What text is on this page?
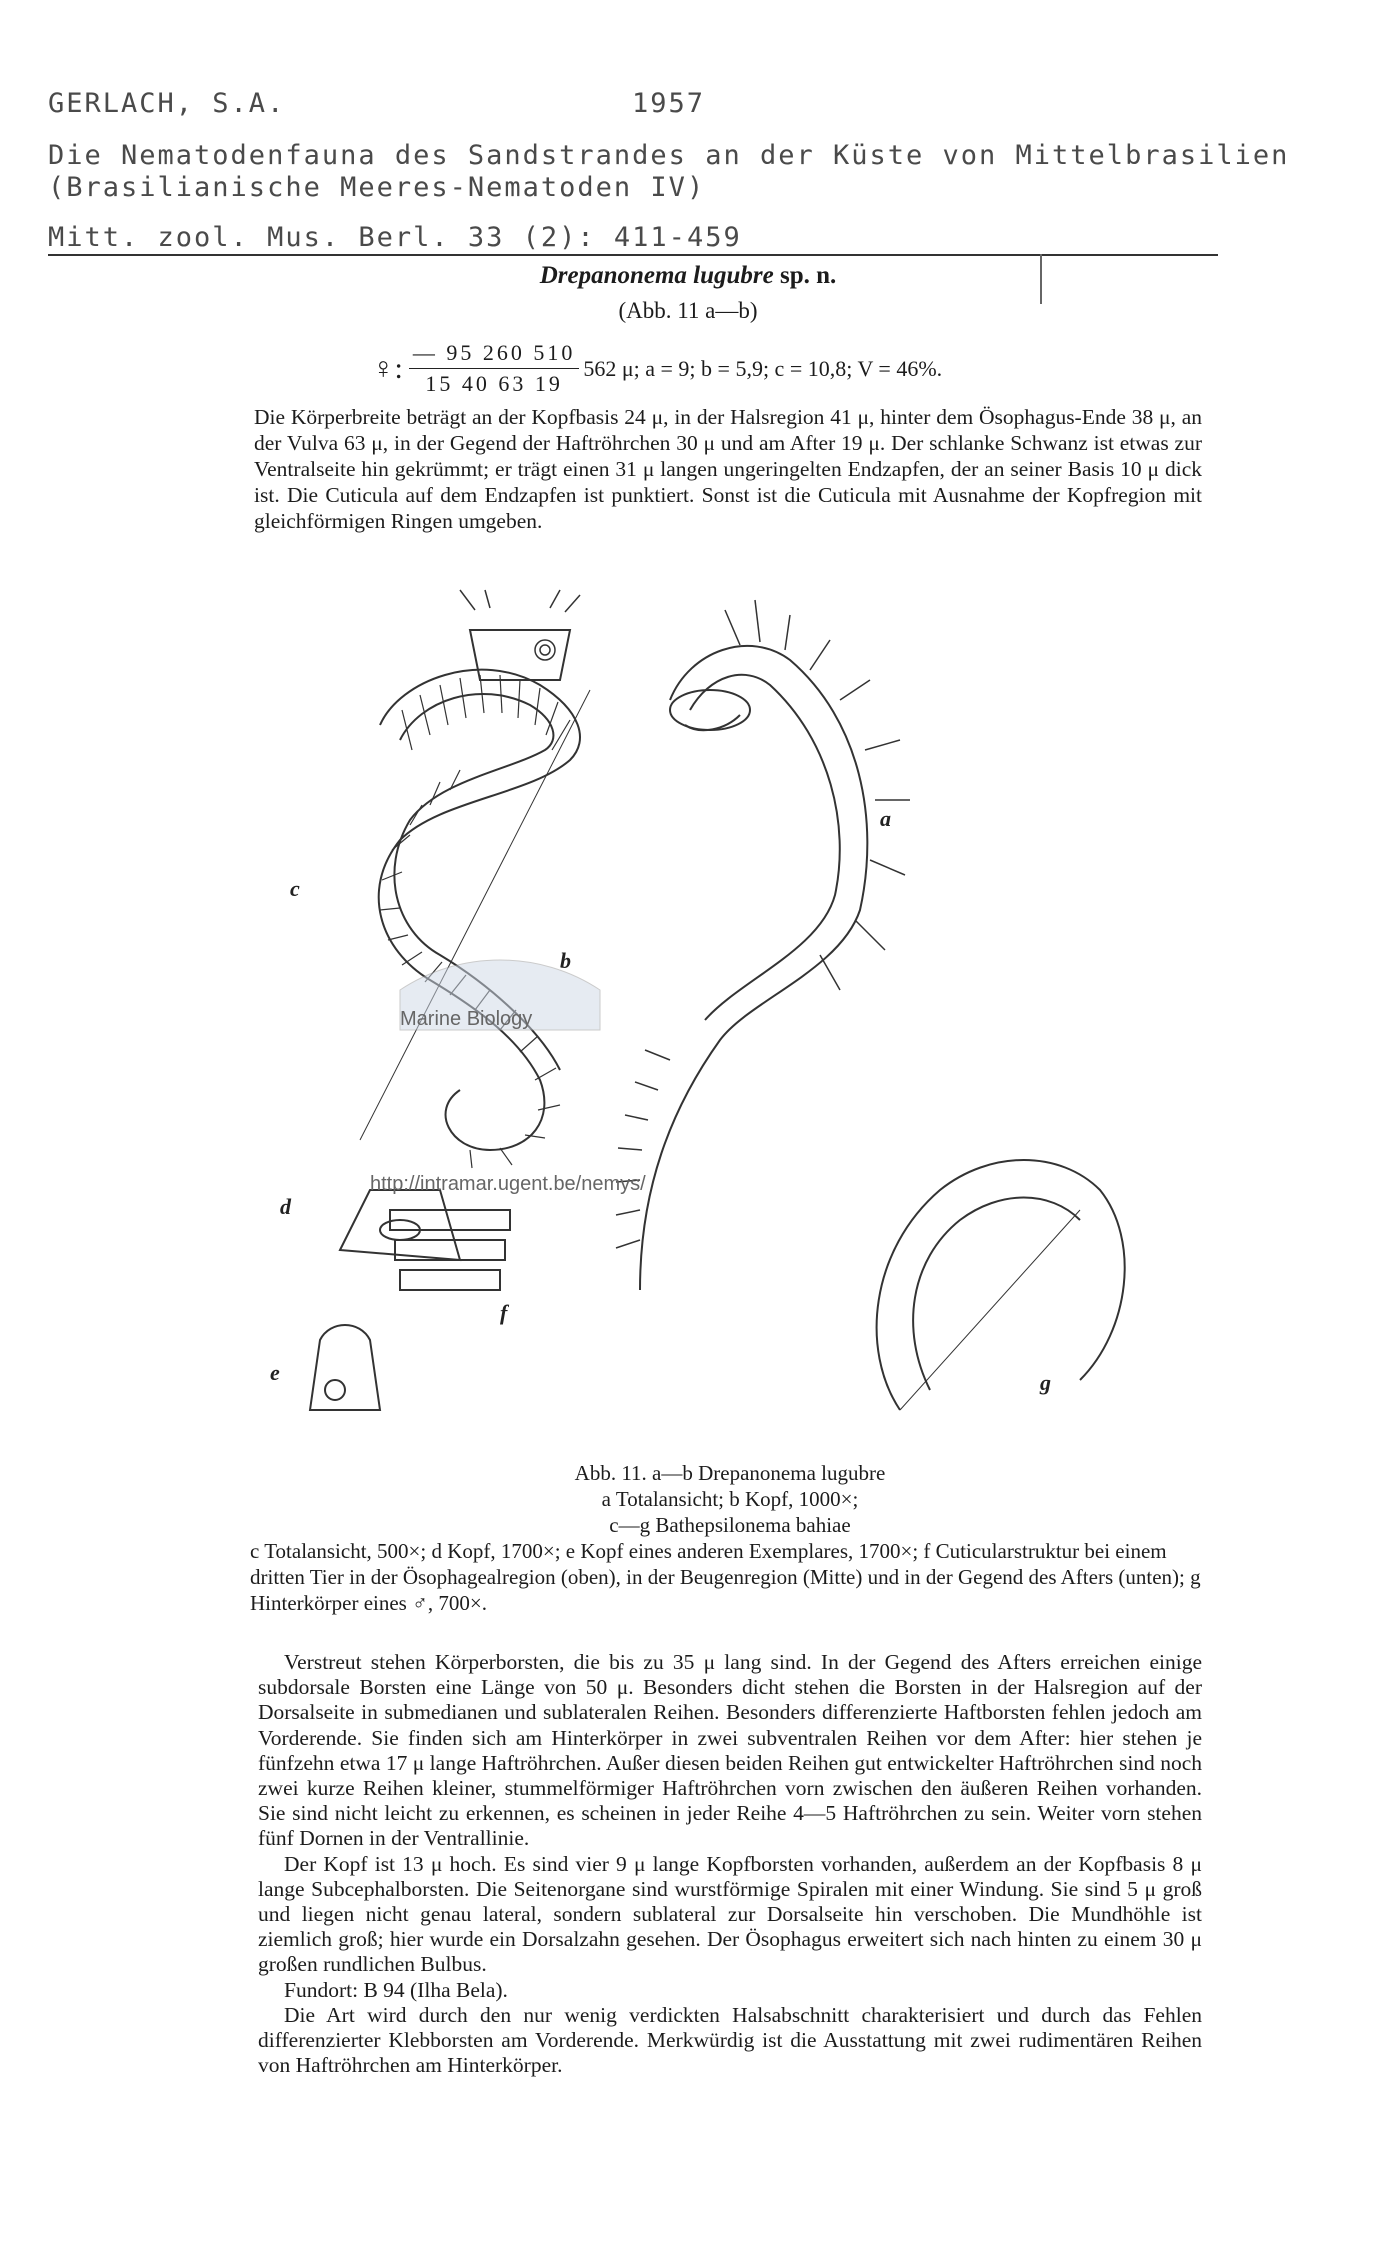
GERLACH, S.A.	1957
Die Nematodenfauna des Sandstrandes an der Küste von Mittelbrasilien
(Brasilianische Meeres-Nematoden IV)
Mitt. zool. Mus. Berl. 33 (2): 411-459
Drepanonema lugubre sp. n.
(Abb. 11 a—b)
♀: $\frac{— 95 260 510}{15 40 63 19} 562$ μ; a = 9; b = 5,9; c = 10,8; V = 46%.
Die Körperbreite beträgt an der Kopfbasis 24 μ, in der Halsregion 41 μ, hinter dem Ösophagus-Ende 38 μ, an der Vulva 63 μ, in der Gegend der Haftröhrchen 30 μ und am After 19 μ. Der schlanke Schwanz ist etwas zur Ventralseite hin gekrümmt; er trägt einen 31 μ langen ungeringelten Endzapfen, der an seiner Basis 10 μ dick ist. Die Cuticula auf dem Endzapfen ist punktiert. Sonst ist die Cuticula mit Ausnahme der Kopfregion mit gleichförmigen Ringen umgeben.
Marine Biology
http://intramar.ugent.be/nemys/
a
b
c
d
e
f
g
Abb. 11. a—b Drepanonema lugubre
a Totalansicht; b Kopf, 1000×;
c—g Bathepsilonema bahiae
c Totalansicht, 500×; d Kopf, 1700×; e Kopf eines anderen Exemplares, 1700×; f Cuticularstruktur bei einem dritten Tier in der Ösophagealregion (oben), in der Beugenregion (Mitte) und in der Gegend des Afters (unten); g Hinterkörper eines ♂, 700×.

Verstreut stehen Körperborsten, die bis zu 35 μ lang sind. In der Gegend des Afters erreichen einige subdorsale Borsten eine Länge von 50 μ. Besonders dicht stehen die Borsten in der Halsregion auf der Dorsalseite in submedianen und sublateralen Reihen. Besonders differenzierte Haftborsten fehlen jedoch am Vorderende. Sie finden sich am Hinterkörper in zwei subventralen Reihen vor dem After: hier stehen je fünfzehn etwa 17 μ lange Haftröhrchen. Außer diesen beiden Reihen gut entwickelter Haftröhrchen sind noch zwei kurze Reihen kleiner, stummelförmiger Haftröhrchen vorn zwischen den äußeren Reihen vorhanden. Sie sind nicht leicht zu erkennen, es scheinen in jeder Reihe 4—5 Haftröhrchen zu sein. Weiter vorn stehen fünf Dornen in der Ventrallinie.

Der Kopf ist 13 μ hoch. Es sind vier 9 μ lange Kopfborsten vorhanden, außerdem an der Kopfbasis 8 μ lange Subcephalborsten. Die Seitenorgane sind wurstförmige Spiralen mit einer Windung. Sie sind 5 μ groß und liegen nicht genau lateral, sondern sublateral zur Dorsalseite hin verschoben. Die Mundhöhle ist ziemlich groß; hier wurde ein Dorsalzahn gesehen. Der Ösophagus erweitert sich nach hinten zu einem 30 μ großen rundlichen Bulbus.

Fundort: B 94 (Ilha Bela).

Die Art wird durch den nur wenig verdickten Halsabschnitt charakterisiert und durch das Fehlen differenzierter Klebborsten am Vorderende. Merkwürdig ist die Ausstattung mit zwei rudimentären Reihen von Haftröhrchen am Hinterkörper.
